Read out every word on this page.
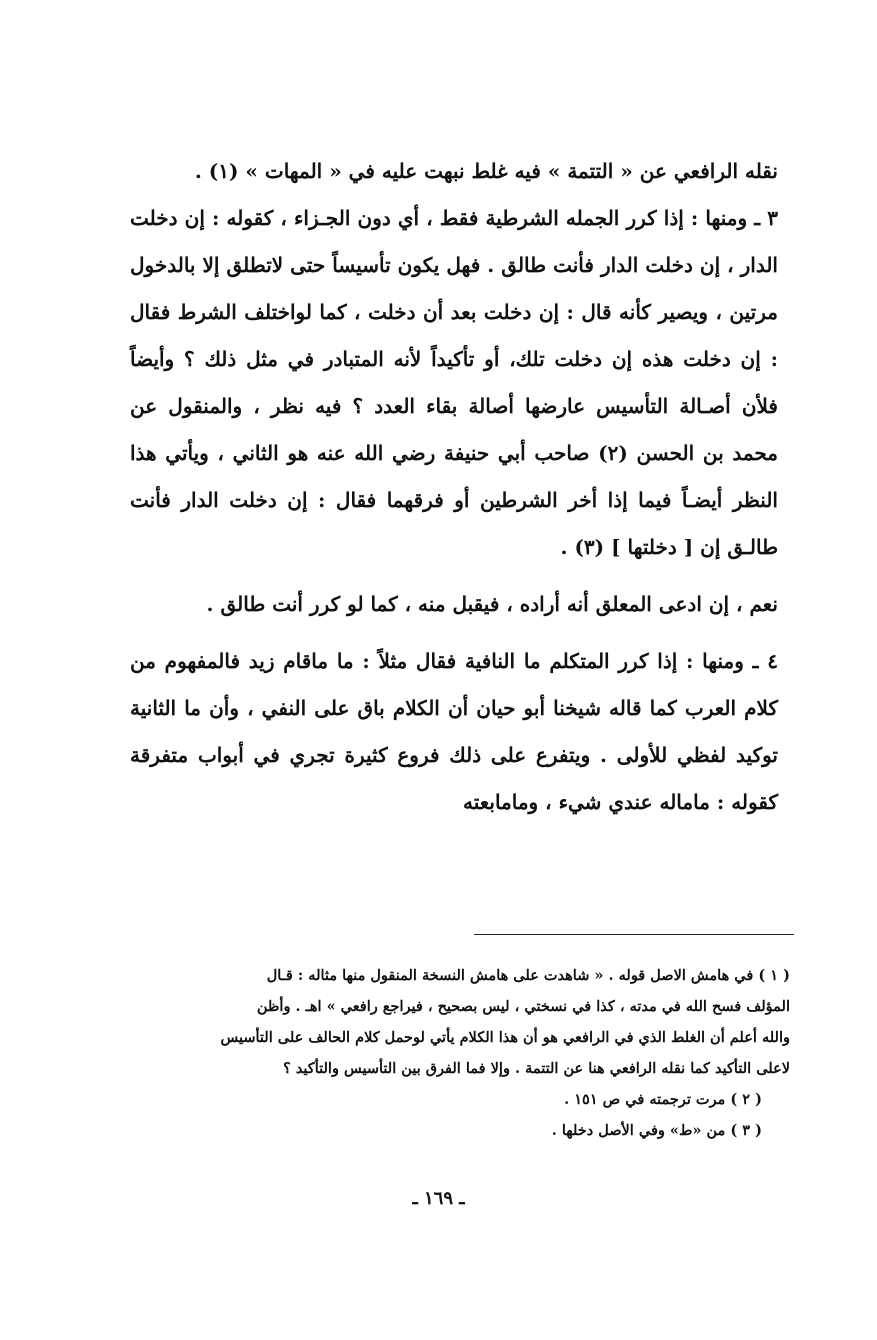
نقله الرافعي عن « التتمة » فيه غلط نبهت عليه في « المهات » (١) .

٣ ـ ومنها : إذا كرر الجمله الشرطية فقط ، أي دون الجـزاء ، كقوله : إن دخلت الدار ، إن دخلت الدار فأنت طالق . فهل يكون تأسيساً حتى لاتطلق إلا بالدخول مرتين ، ويصير كأنه قال : إن دخلت بعد أن دخلت ، كما لواختلف الشرط فقال : إن دخلت هذه إن دخلت تلك، أو تأكيداً لأنه المتبادر في مثل ذلك ؟ وأيضاً فلأن أصـالة التأسيس عارضها أصالة بقاء العدد ؟ فيه نظر ، والمنقول عن محمد بن الحسن (٢) صاحب أبي حنيفة رضي الله عنه هو الثاني ، ويأتي هذا النظر أيضـاً فيما إذا أخر الشرطين أو فرقهما فقال : إن دخلت الدار فأنت طالـق إن [ دخلتها ] (٣) .

نعم ، إن ادعى المعلق أنه أراده ، فيقبل منه ، كما لو كرر أنت طالق .

٤ ـ ومنها : إذا كرر المتكلم ما النافية فقال مثلاً : ما ماقام زيد فالمفهوم من كلام العرب كما قاله شيخنا أبو حيان أن الكلام باق على النفي ، وأن ما الثانية توكيد لفظي للأولى . ويتفرع على ذلك فروع كثيرة تجري في أبواب متفرقة كقوله : ماماله عندي شيء ، ومامابعته

( ١ ) في هامش الاصل قوله . « شاهدت على هامش النسخة المنقول منها مثاله : قـال

المؤلف فسح الله في مدته ، كذا في نسختي ، ليس بصحيح ، فيراجع رافعي » اهـ . وأظن

والله أعلم أن الغلط الذي في الرافعي هو أن هذا الكلام يأتي لوحمل كلام الحالف على التأسيس

لاعلى التأكيد كما نقله الرافعي هنا عن التتمة . وإلا فما الفرق بين التأسيس والتأكيد ؟

( ٢ ) مرت ترجمته في ص ١٥١ .

( ٣ ) من «ط» وفي الأصل دخلها .

ـ ١٦٩ ـ
